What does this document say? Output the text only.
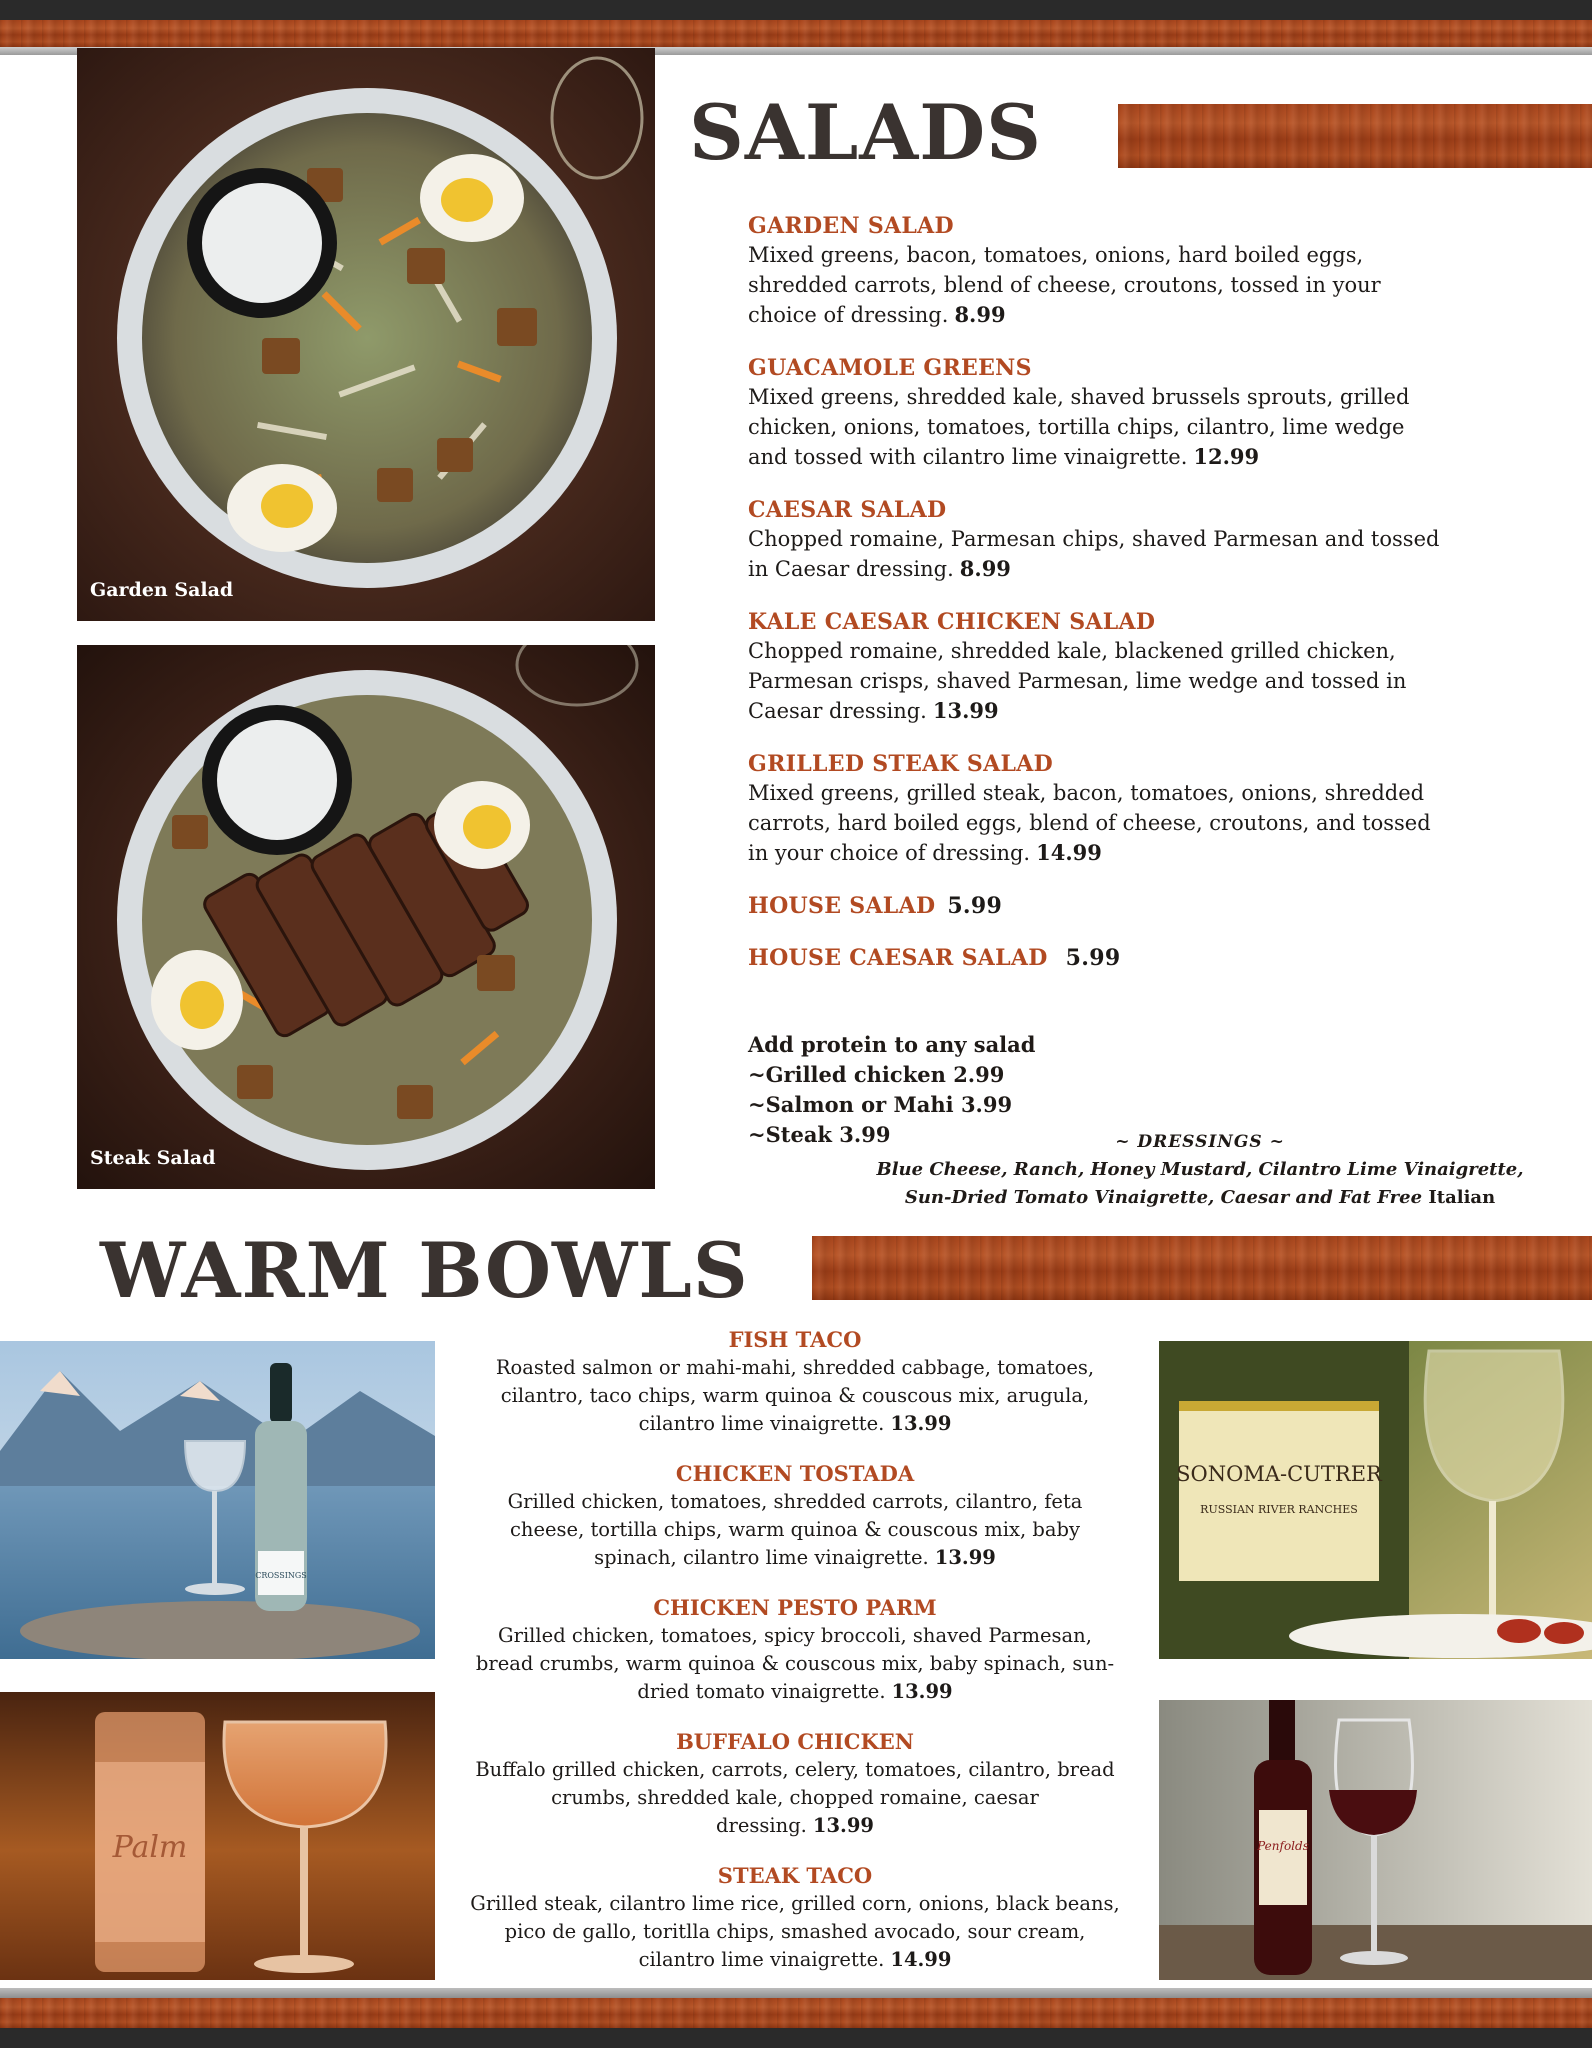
Garden Salad
Steak Salad
SALADS
GARDEN SALAD
Mixed greens, bacon, tomatoes, onions, hard boiled eggs, shredded carrots, blend of cheese, croutons, tossed in your choice of dressing. 8.99
GUACAMOLE GREENS
Mixed greens, shredded kale, shaved brussels sprouts, grilled chicken, onions, tomatoes, tortilla chips, cilantro, lime wedge and tossed with cilantro lime vinaigrette. 12.99
CAESAR SALAD
Chopped romaine, Parmesan chips, shaved Parmesan and tossed in Caesar dressing. 8.99
KALE CAESAR CHICKEN SALAD
Chopped romaine, shredded kale, blackened grilled chicken, Parmesan crisps, shaved Parmesan, lime wedge and tossed in Caesar dressing. 13.99
GRILLED STEAK SALAD
Mixed greens, grilled steak, bacon, tomatoes, onions, shredded carrots, hard boiled eggs, blend of cheese, croutons, and tossed in your choice of dressing. 14.99
HOUSE SALAD 5.99
HOUSE CAESAR SALAD 5.99
Add protein to any salad
~Grilled chicken 2.99
~Salmon or Mahi 3.99
~Steak 3.99	~ DRESSINGS ~
Blue Cheese, Ranch, Honey Mustard, Cilantro Lime Vinaigrette,
Sun-Dried Tomato Vinaigrette, Caesar and Fat Free Italian
WARM BOWLS
CROSSINGS
Palm
SONOMA-CUTRER
RUSSIAN RIVER RANCHES
Penfolds
FISH TACO
Roasted salmon or mahi-mahi, shredded cabbage, tomatoes, cilantro, taco chips, warm quinoa & couscous mix, arugula, cilantro lime vinaigrette. 13.99
CHICKEN TOSTADA
Grilled chicken, tomatoes, shredded carrots, cilantro, feta cheese, tortilla chips, warm quinoa & couscous mix, baby spinach, cilantro lime vinaigrette. 13.99
CHICKEN PESTO PARM
Grilled chicken, tomatoes, spicy broccoli, shaved Parmesan, bread crumbs, warm quinoa & couscous mix, baby spinach, sun-dried tomato vinaigrette. 13.99
BUFFALO CHICKEN
Buffalo grilled chicken, carrots, celery, tomatoes, cilantro, bread crumbs, shredded kale, chopped romaine, caesar dressing. 13.99
STEAK TACO
Grilled steak, cilantro lime rice, grilled corn, onions, black beans, pico de gallo, toritlla chips, smashed avocado, sour cream, cilantro lime vinaigrette. 14.99
